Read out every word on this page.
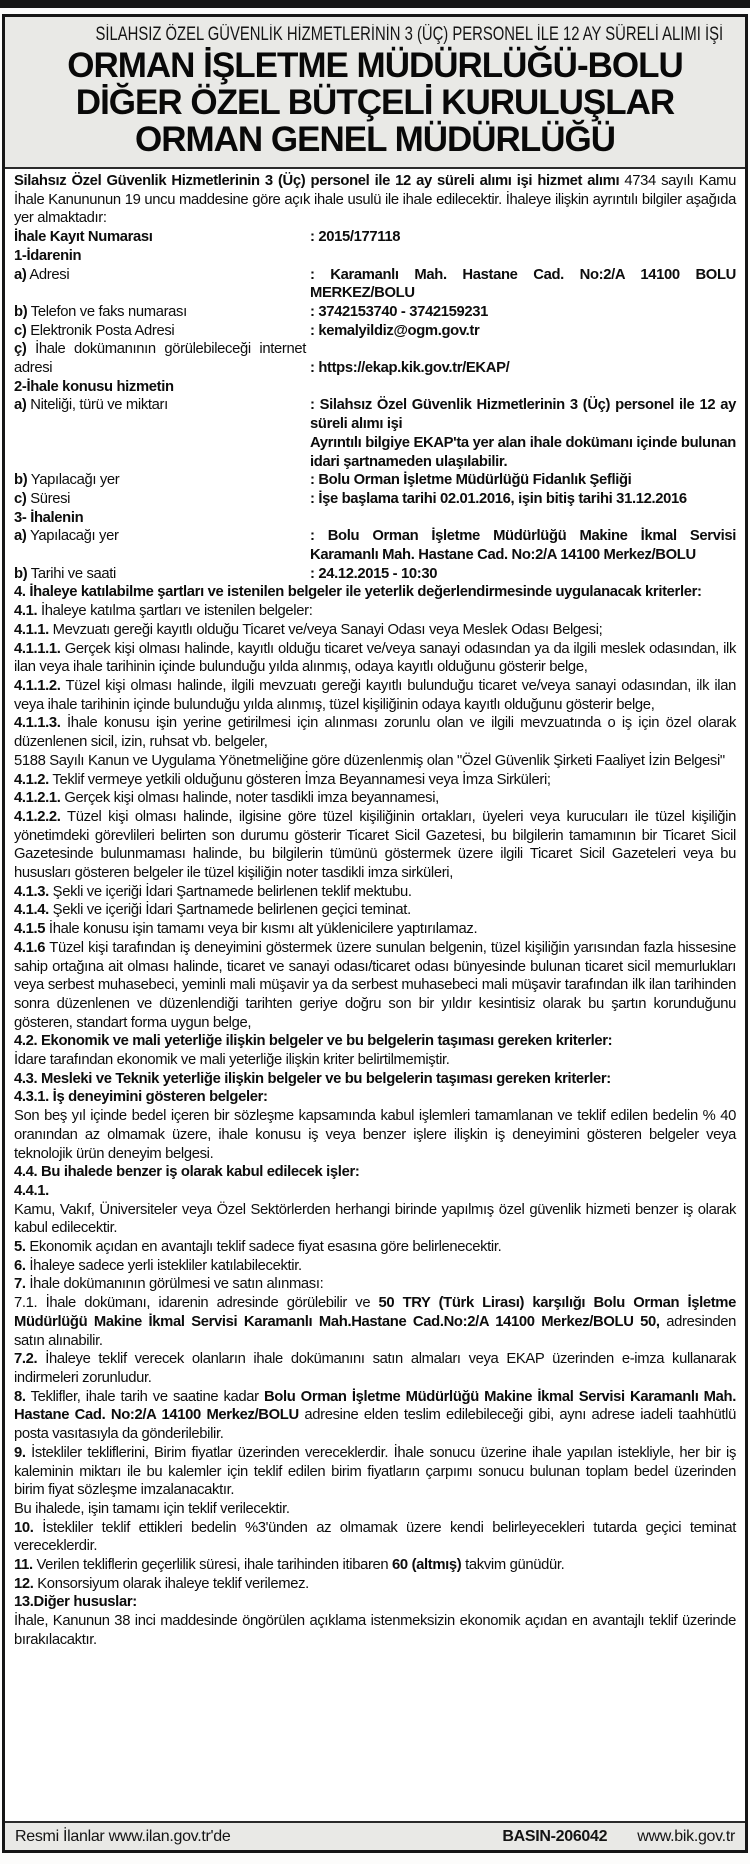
SİLAHSIZ ÖZEL GÜVENLİK HİZMETLERİNİN 3 (ÜÇ) PERSONEL İLE 12 AY SÜRELİ ALIMI İŞİ
ORMAN İŞLETME MÜDÜRLÜĞÜ-BOLU
DİĞER ÖZEL BÜTÇELİ KURULUŞLAR
ORMAN GENEL MÜDÜRLÜĞÜ
Silahsız Özel Güvenlik Hizmetlerinin 3 (Üç) personel ile 12 ay süreli alımı işi hizmet alımı 4734 sayılı Kamu İhale Kanununun 19 uncu maddesine göre açık ihale usulü ile ihale edilecektir. İhaleye ilişkin ayrıntılı bilgiler aşağıda yer almaktadır:
İhale Kayıt Numarası	: 2015/177118
1-İdarenin
a) Adresi	: Karamanlı Mah. Hastane Cad. No:2/A 14100 BOLU MERKEZ/BOLU
b) Telefon ve faks numarası	: 3742153740 - 3742159231
c) Elektronik Posta Adresi	: kemalyildiz@ogm.gov.tr
ç) İhale dokümanının görülebileceği internet adresi	: https://ekap.kik.gov.tr/EKAP/
2-İhale konusu hizmetin
a) Niteliği, türü ve miktarı	: Silahsız Özel Güvenlik Hizmetlerinin 3 (Üç) personel ile 12 ay süreli alımı işi
Ayrıntılı bilgiye EKAP'ta yer alan ihale dokümanı içinde bulunan idari şartnameden ulaşılabilir.
b) Yapılacağı yer	: Bolu Orman İşletme Müdürlüğü Fidanlık Şefliği
c) Süresi	: İşe başlama tarihi 02.01.2016, işin bitiş tarihi 31.12.2016
3- İhalenin
a) Yapılacağı yer	: Bolu Orman İşletme Müdürlüğü Makine İkmal Servisi Karamanlı Mah. Hastane Cad. No:2/A 14100 Merkez/BOLU
b) Tarihi ve saati	: 24.12.2015 - 10:30
4. İhaleye katılabilme şartları ve istenilen belgeler ile yeterlik değerlendirmesinde uygulanacak kriterler:
4.1. İhaleye katılma şartları ve istenilen belgeler:
4.1.1. Mevzuatı gereği kayıtlı olduğu Ticaret ve/veya Sanayi Odası veya Meslek Odası Belgesi;
4.1.1.1. Gerçek kişi olması halinde, kayıtlı olduğu ticaret ve/veya sanayi odasından ya da ilgili meslek odasından, ilk ilan veya ihale tarihinin içinde bulunduğu yılda alınmış, odaya kayıtlı olduğunu gösterir belge,
4.1.1.2. Tüzel kişi olması halinde, ilgili mevzuatı gereği kayıtlı bulunduğu ticaret ve/veya sanayi odasından, ilk ilan veya ihale tarihinin içinde bulunduğu yılda alınmış, tüzel kişiliğinin odaya kayıtlı olduğunu gösterir belge,
4.1.1.3. İhale konusu işin yerine getirilmesi için alınması zorunlu olan ve ilgili mevzuatında o iş için özel olarak düzenlenen sicil, izin, ruhsat vb. belgeler,
5188 Sayılı Kanun ve Uygulama Yönetmeliğine göre düzenlenmiş olan "Özel Güvenlik Şirketi Faaliyet İzin Belgesi"
4.1.2. Teklif vermeye yetkili olduğunu gösteren İmza Beyannamesi veya İmza Sirküleri;
4.1.2.1. Gerçek kişi olması halinde, noter tasdikli imza beyannamesi,
4.1.2.2. Tüzel kişi olması halinde, ilgisine göre tüzel kişiliğinin ortakları, üyeleri veya kurucuları ile tüzel kişiliğin yönetimdeki görevlileri belirten son durumu gösterir Ticaret Sicil Gazetesi, bu bilgilerin tamamının bir Ticaret Sicil Gazetesinde bulunmaması halinde, bu bilgilerin tümünü göstermek üzere ilgili Ticaret Sicil Gazeteleri veya bu hususları gösteren belgeler ile tüzel kişiliğin noter tasdikli imza sirküleri,
4.1.3. Şekli ve içeriği İdari Şartnamede belirlenen teklif mektubu.
4.1.4. Şekli ve içeriği İdari Şartnamede belirlenen geçici teminat.
4.1.5 İhale konusu işin tamamı veya bir kısmı alt yüklenicilere yaptırılamaz.
4.1.6 Tüzel kişi tarafından iş deneyimini göstermek üzere sunulan belgenin, tüzel kişiliğin yarısından fazla hissesine sahip ortağına ait olması halinde, ticaret ve sanayi odası/ticaret odası bünyesinde bulunan ticaret sicil memurlukları veya serbest muhasebeci, yeminli mali müşavir ya da serbest muhasebeci mali müşavir tarafından ilk ilan tarihinden sonra düzenlenen ve düzenlendiği tarihten geriye doğru son bir yıldır kesintisiz olarak bu şartın korunduğunu gösteren, standart forma uygun belge,
4.2. Ekonomik ve mali yeterliğe ilişkin belgeler ve bu belgelerin taşıması gereken kriterler:
İdare tarafından ekonomik ve mali yeterliğe ilişkin kriter belirtilmemiştir.
4.3. Mesleki ve Teknik yeterliğe ilişkin belgeler ve bu belgelerin taşıması gereken kriterler:
4.3.1. İş deneyimini gösteren belgeler:
Son beş yıl içinde bedel içeren bir sözleşme kapsamında kabul işlemleri tamamlanan ve teklif edilen bedelin % 40 oranından az olmamak üzere, ihale konusu iş veya benzer işlere ilişkin iş deneyimini gösteren belgeler veya teknolojik ürün deneyim belgesi.
4.4. Bu ihalede benzer iş olarak kabul edilecek işler:
4.4.1.
Kamu, Vakıf, Üniversiteler veya Özel Sektörlerden herhangi birinde yapılmış özel güvenlik hizmeti benzer iş olarak kabul edilecektir.
5. Ekonomik açıdan en avantajlı teklif sadece fiyat esasına göre belirlenecektir.
6. İhaleye sadece yerli istekliler katılabilecektir.
7. İhale dokümanının görülmesi ve satın alınması:
7.1. İhale dokümanı, idarenin adresinde görülebilir ve 50 TRY (Türk Lirası) karşılığı Bolu Orman İşletme Müdürlüğü Makine İkmal Servisi Karamanlı Mah.Hastane Cad.No:2/A 14100 Merkez/BOLU 50, adresinden satın alınabilir.
7.2. İhaleye teklif verecek olanların ihale dokümanını satın almaları veya EKAP üzerinden e-imza kullanarak indirmeleri zorunludur.
8. Teklifler, ihale tarih ve saatine kadar Bolu Orman İşletme Müdürlüğü Makine İkmal Servisi Karamanlı Mah. Hastane Cad. No:2/A 14100 Merkez/BOLU adresine elden teslim edilebileceği gibi, aynı adrese iadeli taahhütlü posta vasıtasıyla da gönderilebilir.
9. İstekliler tekliflerini, Birim fiyatlar üzerinden vereceklerdir. İhale sonucu üzerine ihale yapılan istekliyle, her bir iş kaleminin miktarı ile bu kalemler için teklif edilen birim fiyatların çarpımı sonucu bulunan toplam bedel üzerinden birim fiyat sözleşme imzalanacaktır.
Bu ihalede, işin tamamı için teklif verilecektir.
10. İstekliler teklif ettikleri bedelin %3'ünden az olmamak üzere kendi belirleyecekleri tutarda geçici teminat vereceklerdir.
11. Verilen tekliflerin geçerlilik süresi, ihale tarihinden itibaren 60 (altmış) takvim günüdür.
12. Konsorsiyum olarak ihaleye teklif verilemez.
13.Diğer hususlar:
İhale, Kanunun 38 inci maddesinde öngörülen açıklama istenmeksizin ekonomik açıdan en avantajlı teklif üzerinde bırakılacaktır.
Resmi İlanlar www.ilan.gov.tr'de	BASIN-206042 www.bik.gov.tr
